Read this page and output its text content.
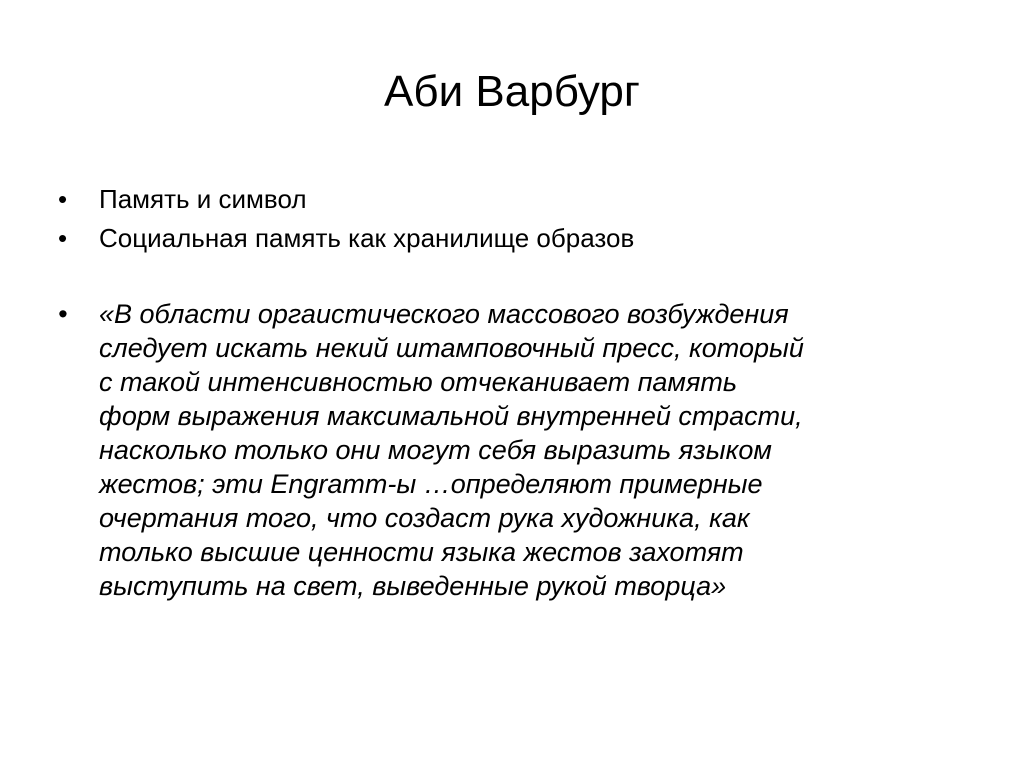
Аби Варбург
•	Память и символ
•	Социальная память как хранилище образов
•	«В области оргаистического массового возбуждения
следует искать некий штамповочный пресс, который
с такой интенсивностью отчеканивает память
форм выражения максимальной внутренней страсти,
насколько только они могут себя выразить языком
жестов; эти Engramm-ы …определяют примерные
очертания того, что создаст рука художника, как
только высшие ценности языка жестов захотят
выступить на свет, выведенные рукой творца»
